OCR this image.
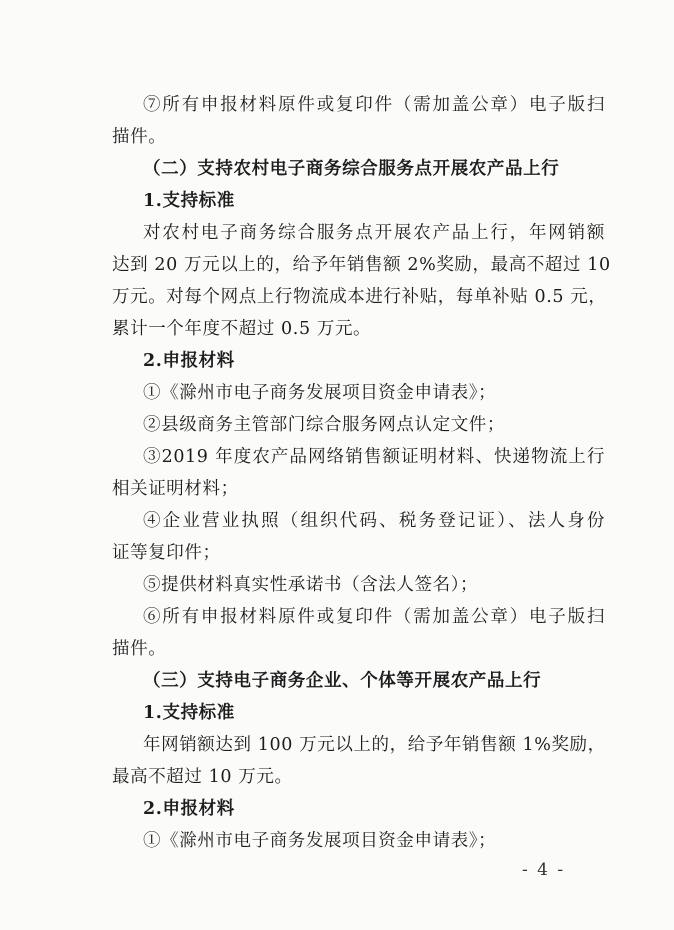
⑦所有申报材料原件或复印件（需加盖公章）电子版扫
描件。
（二）支持农村电子商务综合服务点开展农产品上行
1.支持标准
对农村电子商务综合服务点开展农产品上行，年网销额
达到 20 万元以上的，给予年销售额 2%奖励，最高不超过 10
万元。对每个网点上行物流成本进行补贴，每单补贴 0.5 元，
累计一个年度不超过 0.5 万元。
2.申报材料
①《滁州市电子商务发展项目资金申请表》；
②县级商务主管部门综合服务网点认定文件；
③2019 年度农产品网络销售额证明材料、快递物流上行
相关证明材料；
④企业营业执照（组织代码、税务登记证）、法人身份
证等复印件；
⑤提供材料真实性承诺书（含法人签名）；
⑥所有申报材料原件或复印件（需加盖公章）电子版扫
描件。
（三）支持电子商务企业、个体等开展农产品上行
1.支持标准
年网销额达到 100 万元以上的，给予年销售额 1%奖励，
最高不超过 10 万元。
2.申报材料
①《滁州市电子商务发展项目资金申请表》；
- 4 -
